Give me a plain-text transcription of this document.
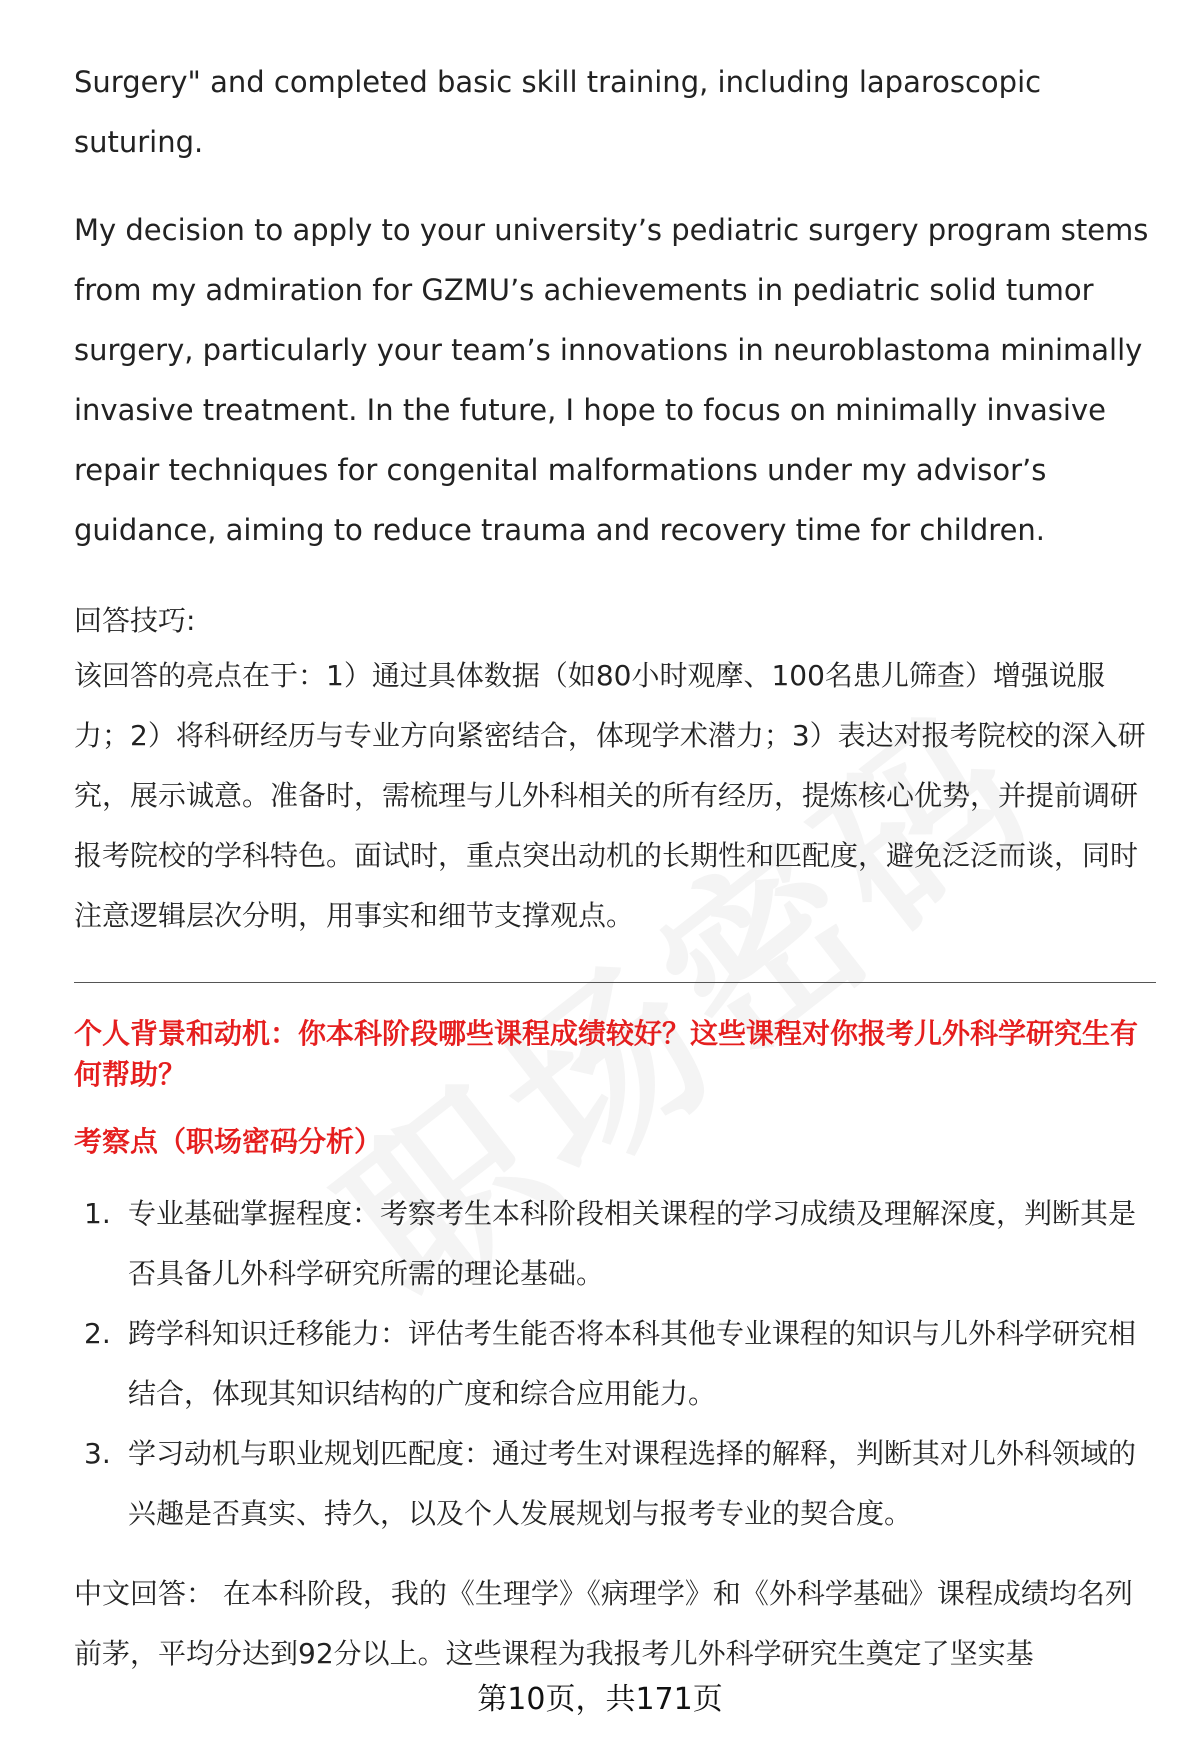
Surgery" and completed basic skill training, including laparoscopic suturing.

My decision to apply to your university’s pediatric surgery program stems from my admiration for GZMU’s achievements in pediatric solid tumor surgery, particularly your team’s innovations in neuroblastoma minimally invasive treatment. In the future, I hope to focus on minimally invasive repair techniques for congenital malformations under my advisor’s guidance, aiming to reduce trauma and recovery time for children.

回答技巧:

该回答的亮点在于：1）通过具体数据（如80小时观摩、100名患儿筛查）增强说服力；2）将科研经历与专业方向紧密结合，体现学术潜力；3）表达对报考院校的深入研究，展示诚意。准备时，需梳理与儿外科相关的所有经历，提炼核心优势，并提前调研报考院校的学科特色。面试时，重点突出动机的长期性和匹配度，避免泛泛而谈，同时注意逻辑层次分明，用事实和细节支撑观点。

个人背景和动机：你本科阶段哪些课程成绩较好？这些课程对你报考儿外科学研究生有何帮助？
考察点（职场密码分析）
1. 专业基础掌握程度：考察考生本科阶段相关课程的学习成绩及理解深度，判断其是否具备儿外科学研究所需的理论基础。
2. 跨学科知识迁移能力：评估考生能否将本科其他专业课程的知识与儿外科学研究相结合，体现其知识结构的广度和综合应用能力。
3. 学习动机与职业规划匹配度：通过考生对课程选择的解释，判断其对儿外科领域的兴趣是否真实、持久，以及个人发展规划与报考专业的契合度。

中文回答： 在本科阶段，我的《生理学》《病理学》和《外科学基础》课程成绩均名列前茅，平均分达到92分以上。这些课程为我报考儿外科学研究生奠定了坚实基

第10页，共171页
